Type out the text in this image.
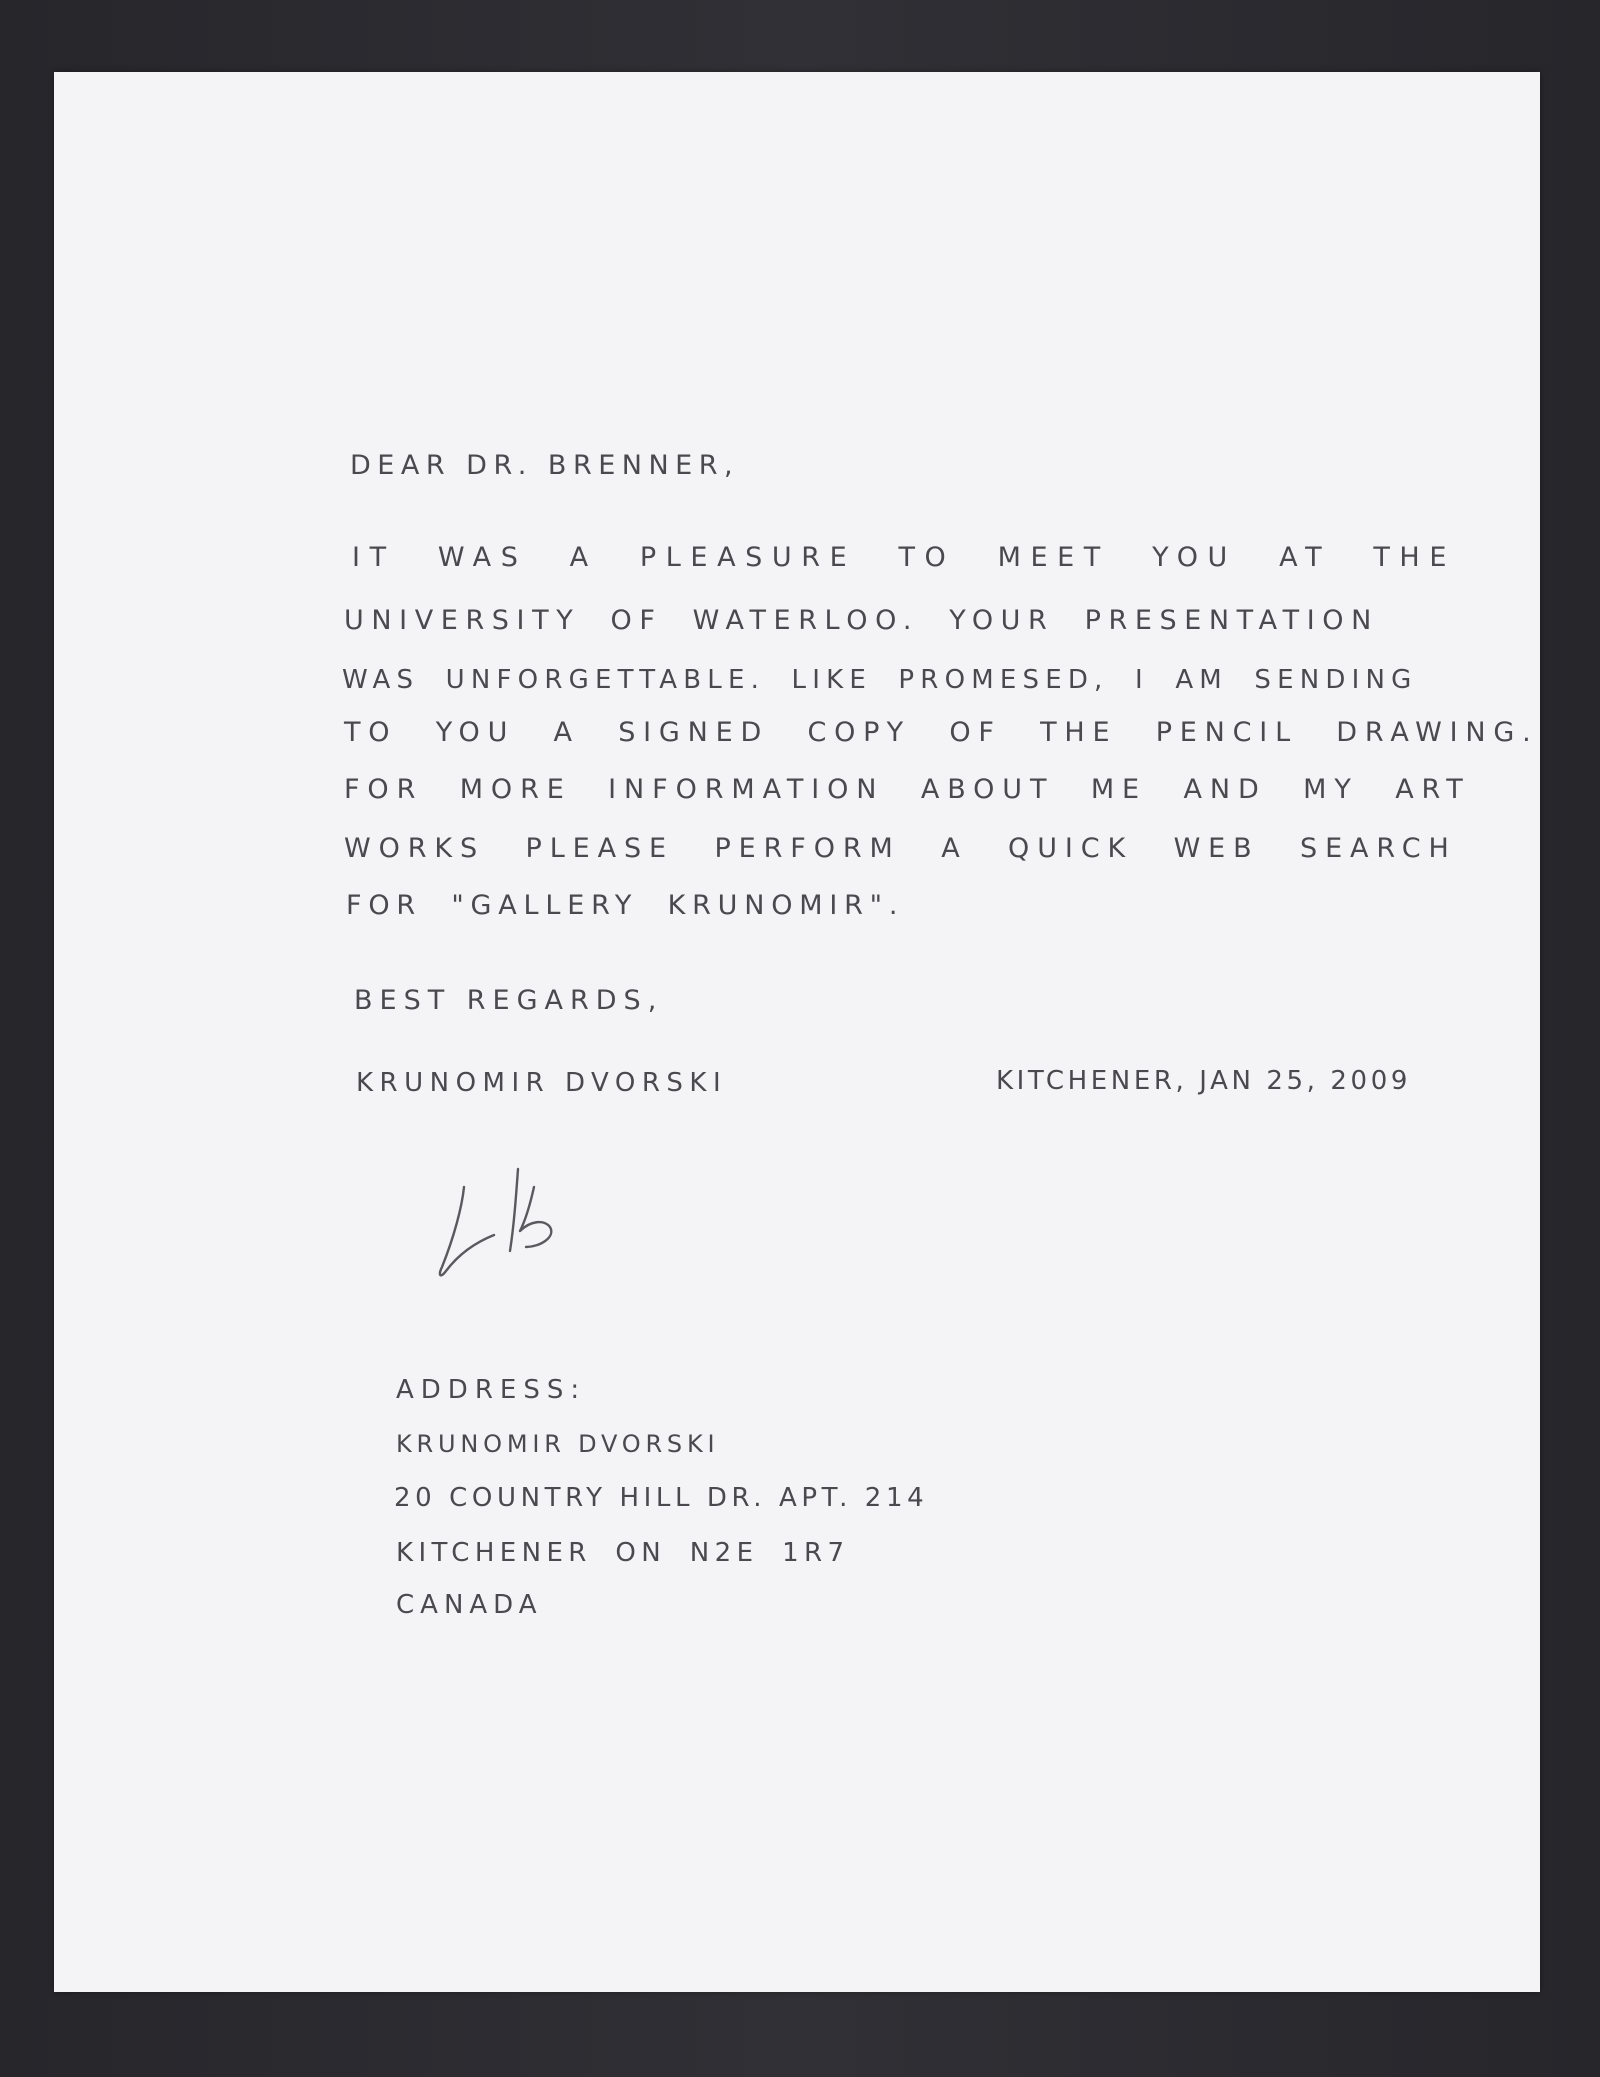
DEAR DR. BRENNER,

IT WAS A PLEASURE TO MEET YOU AT THE

UNIVERSITY OF WATERLOO. YOUR PRESENTATION

WAS UNFORGETTABLE. LIKE PROMESED, I AM SENDING

TO YOU A SIGNED COPY OF THE PENCIL DRAWING.

FOR MORE INFORMATION ABOUT ME AND MY ART

WORKS PLEASE PERFORM A QUICK WEB SEARCH

FOR "GALLERY KRUNOMIR".

BEST REGARDS,

KRUNOMIR DVORSKI	KITCHENER, JAN 25, 2009

ADDRESS:

KRUNOMIR DVORSKI

20 COUNTRY HILL DR. APT. 214

KITCHENER ON N2E 1R7

CANADA
